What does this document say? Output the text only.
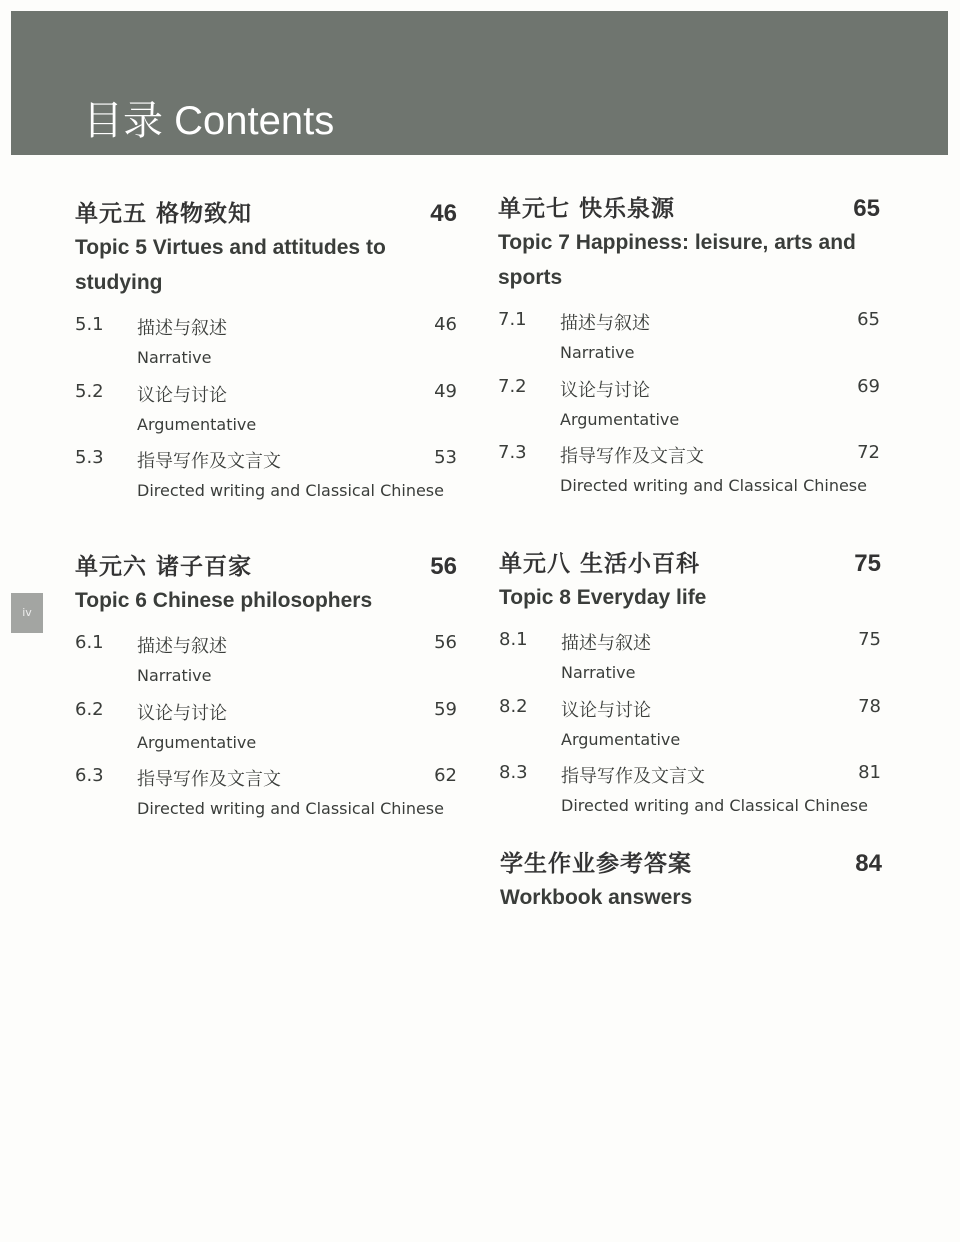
目录 Contents
iv
单元五 格物致知	46
Topic 5 Virtues and attitudes to studying
5.1 描述与叙述	46
Narrative
5.2 议论与讨论	49
Argumentative
5.3 指导写作及文言文	53
Directed writing and Classical Chinese
单元六 诸子百家	56
Topic 6 Chinese philosophers
6.1 描述与叙述	56
Narrative
6.2 议论与讨论	59
Argumentative
6.3 指导写作及文言文	62
Directed writing and Classical Chinese
单元七 快乐泉源	65
Topic 7 Happiness: leisure, arts and sports
7.1 描述与叙述	65
Narrative
7.2 议论与讨论	69
Argumentative
7.3 指导写作及文言文	72
Directed writing and Classical Chinese
单元八 生活小百科	75
Topic 8 Everyday life
8.1 描述与叙述	75
Narrative
8.2 议论与讨论	78
Argumentative
8.3 指导写作及文言文	81
Directed writing and Classical Chinese
学生作业参考答案	84
Workbook answers
